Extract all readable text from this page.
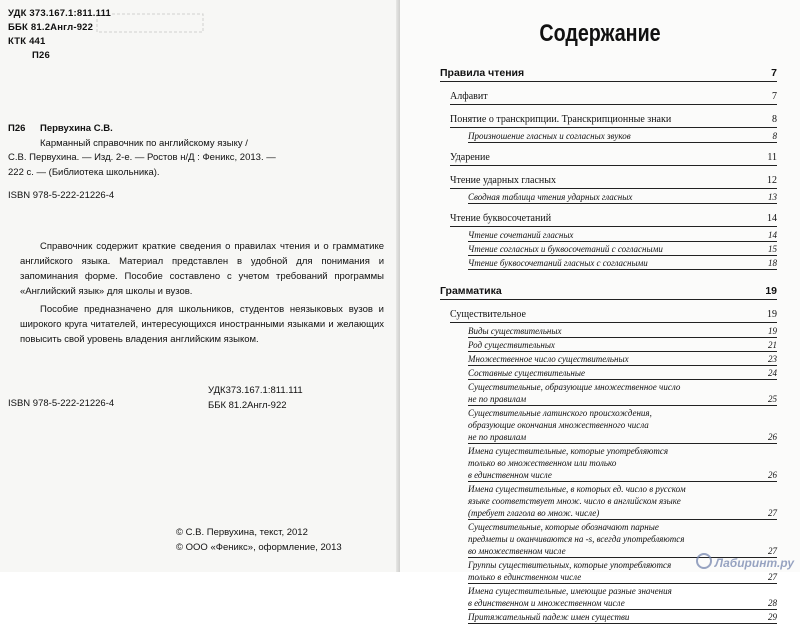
УДК 373.167.1:811.111
ББК 81.2Англ-922
КТК 441
П26
П26 Первухина С.В.
Карманный справочник по английскому языку /
С.В. Первухина. — Изд. 2-е. — Ростов н/Д : Феникс, 2013. —
222 с. — (Библиотека школьника).
ISBN 978-5-222-21226-4

Справочник содержит краткие сведения о правилах чтения и о грамматике английского языка. Материал представлен в удобной для понимания и запоминания форме. Пособие составлено с учетом требований программы «Английский язык» для школы и вузов.

Пособие предназначено для школьников, студентов неязыковых вузов и широкого круга читателей, интересующихся иностранными языками и желающих повысить свой уровень владения английским языком.

УДК373.167.1:811.111
ББК 81.2Англ-922
ISBN 978-5-222-21226-4
© С.В. Первухина, текст, 2012
© ООО «Феникс», оформление, 2013
Содержание
Правила чтения	7
Алфавит	7
Понятие о транскрипции. Транскрипционные знаки	8
Произношение гласных и согласных звуков	8
Ударение	11
Чтение ударных гласных	12
Сводная таблица чтения ударных гласных	13
Чтение буквосочетаний	14
Чтение сочетаний гласных	14
Чтение согласных и буквосочетаний с согласными	15
Чтение буквосочетаний гласных с согласными	18
Грамматика	19
Существительное	19
Виды существительных	19
Род существительных	21
Множественное число существительных	23
Составные существительные	24
Существительные, образующие множественное число
не по правилам	25
Существительные латинского происхождения,
образующие окончания множественного числа
не по правилам	26
Имена существительные, которые употребляются
только во множественном или только
в единственном числе	26
Имена существительные, в которых ед. число в русском
языке соответствует множ. число в английском языке
(требует глагола во множ. числе)	27
Существительные, которые обозначают парные
предметы и оканчиваются на -s, всегда употребляются
во множественном числе	27
Группы существительных, которые употребляются
только в единственном числе	27
Имена существительные, имеющие разные значения
в единственном и множественном числе	28
Притяжательный падеж имен существи	29
Лабиринт.ру
